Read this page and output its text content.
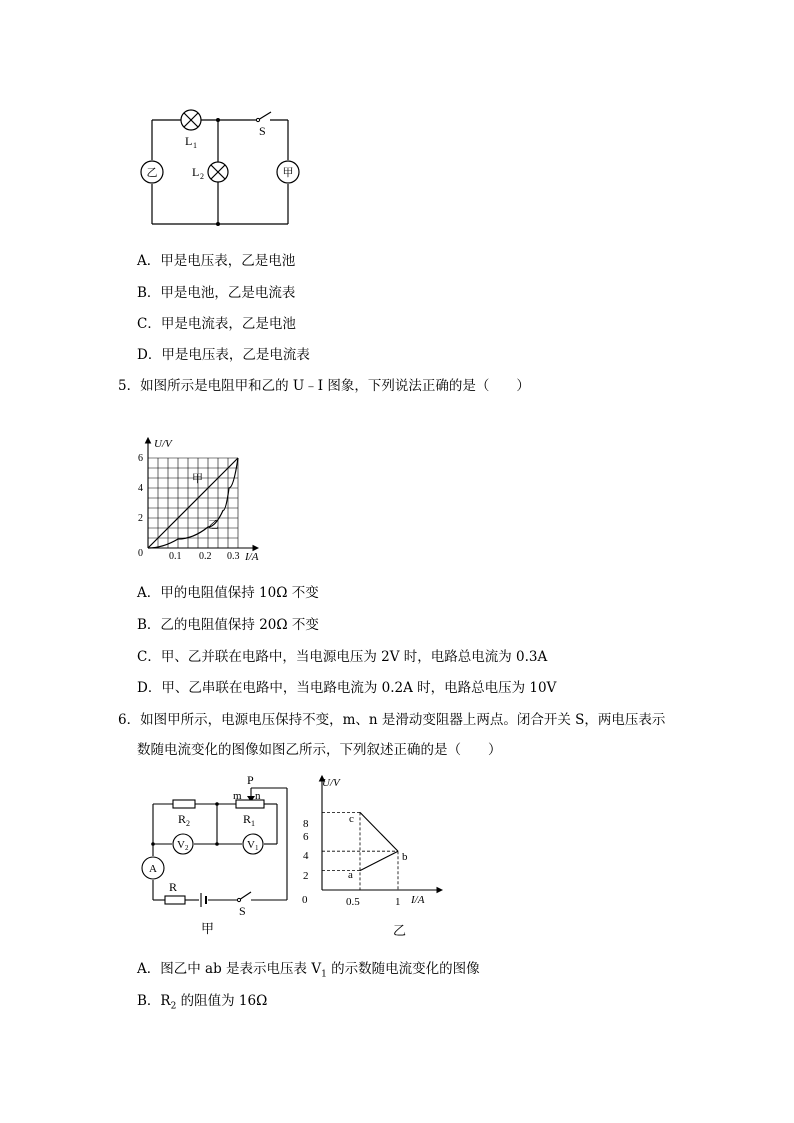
乙	甲
L 1
L 2
S
A．甲是电压表，乙是电池
B．甲是电池，乙是电流表
C．甲是电流表，乙是电池
D．甲是电压表，乙是电流表
5．如图所示是电阻甲和乙的 U﹣I 图象，下列说法正确的是（　　）
U/V
I/A
0
2
4
6
0.1 0.2 0.3
甲
乙
A．甲的电阻值保持 10Ω 不变
B．乙的电阻值保持 20Ω 不变
C．甲、乙并联在电路中，当电源电压为 2V 时，电路总电流为 0.3A
D．甲、乙串联在电路中，当电路电流为 0.2A 时，电路总电压为 10V
6．如图甲所示，电源电压保持不变，m、n 是滑动变阻器上两点。闭合开关 S，两电压表示
数随电流变化的图像如图乙所示，下列叙述正确的是（　　）
V 2	V 1
A
P
m n
R 1
R 2
R
S
甲
U/V
I/A
0
2
4
6
8
0.5	1
a
b
c
乙
A．图乙中 ab 是表示电压表 $V_1$ 的示数随电流变化的图像
B．$R_2$ 的阻值为 16Ω
